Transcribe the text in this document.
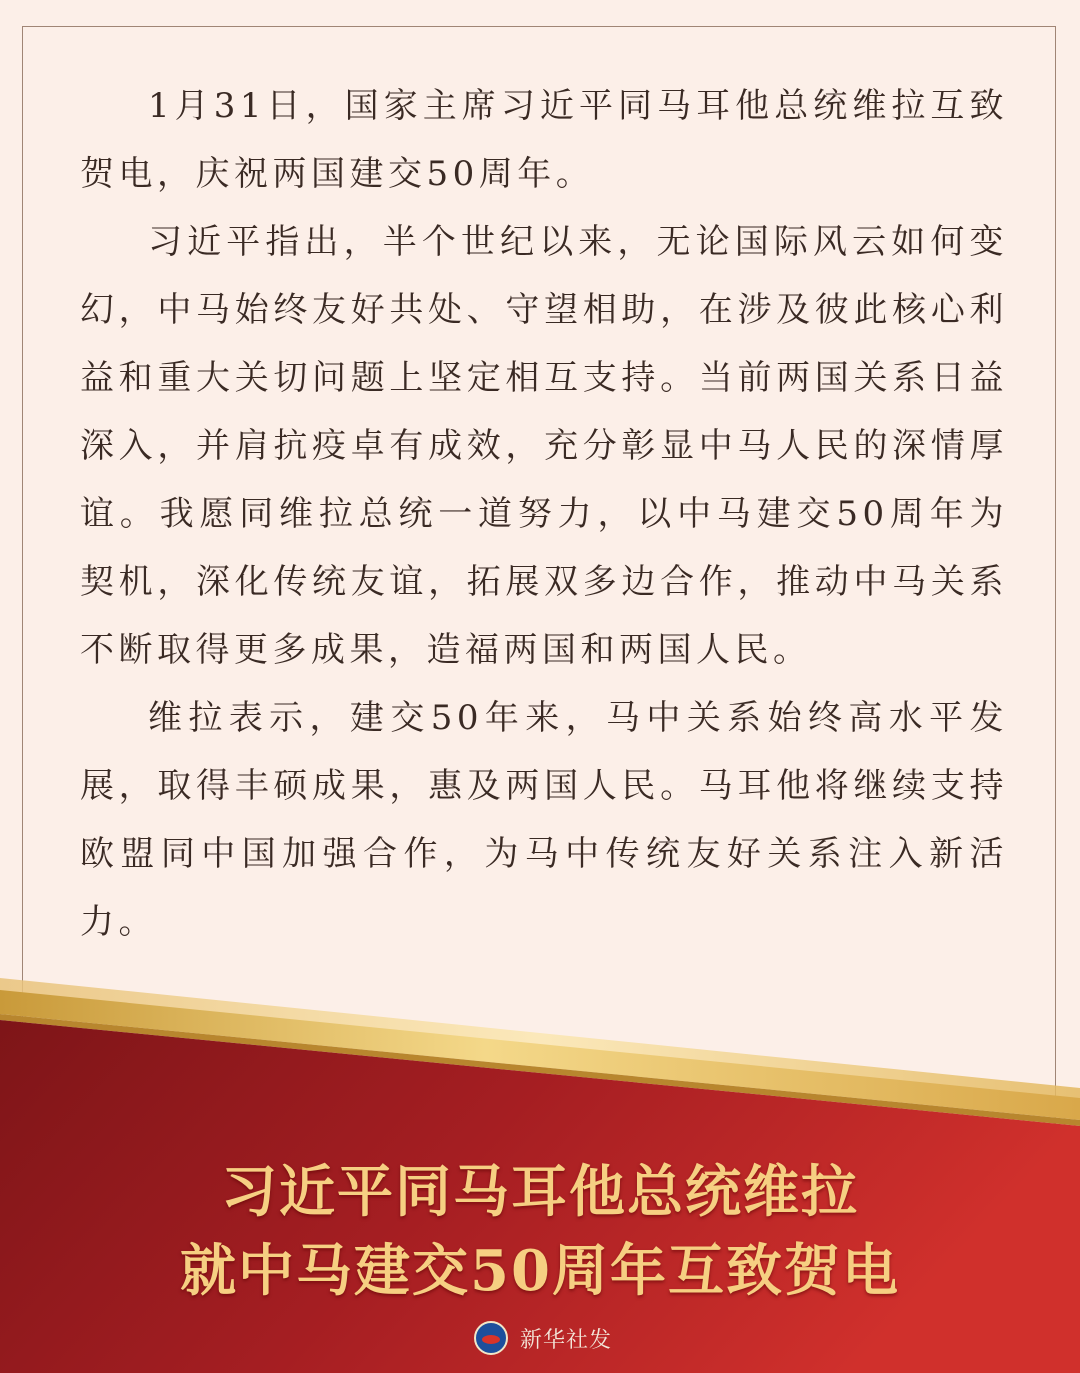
1月31日，国家主席习近平同马耳他总统维拉互致贺电，庆祝两国建交50周年。

习近平指出，半个世纪以来，无论国际风云如何变幻，中马始终友好共处、守望相助，在涉及彼此核心利益和重大关切问题上坚定相互支持。当前两国关系日益深入，并肩抗疫卓有成效，充分彰显中马人民的深情厚谊。我愿同维拉总统一道努力，以中马建交50周年为契机，深化传统友谊，拓展双多边合作，推动中马关系不断取得更多成果，造福两国和两国人民。

维拉表示，建交50年来，马中关系始终高水平发展，取得丰硕成果，惠及两国人民。马耳他将继续支持欧盟同中国加强合作，为马中传统友好关系注入新活力。

习近平同马耳他总统维拉
就中马建交50周年互致贺电
新华社发
